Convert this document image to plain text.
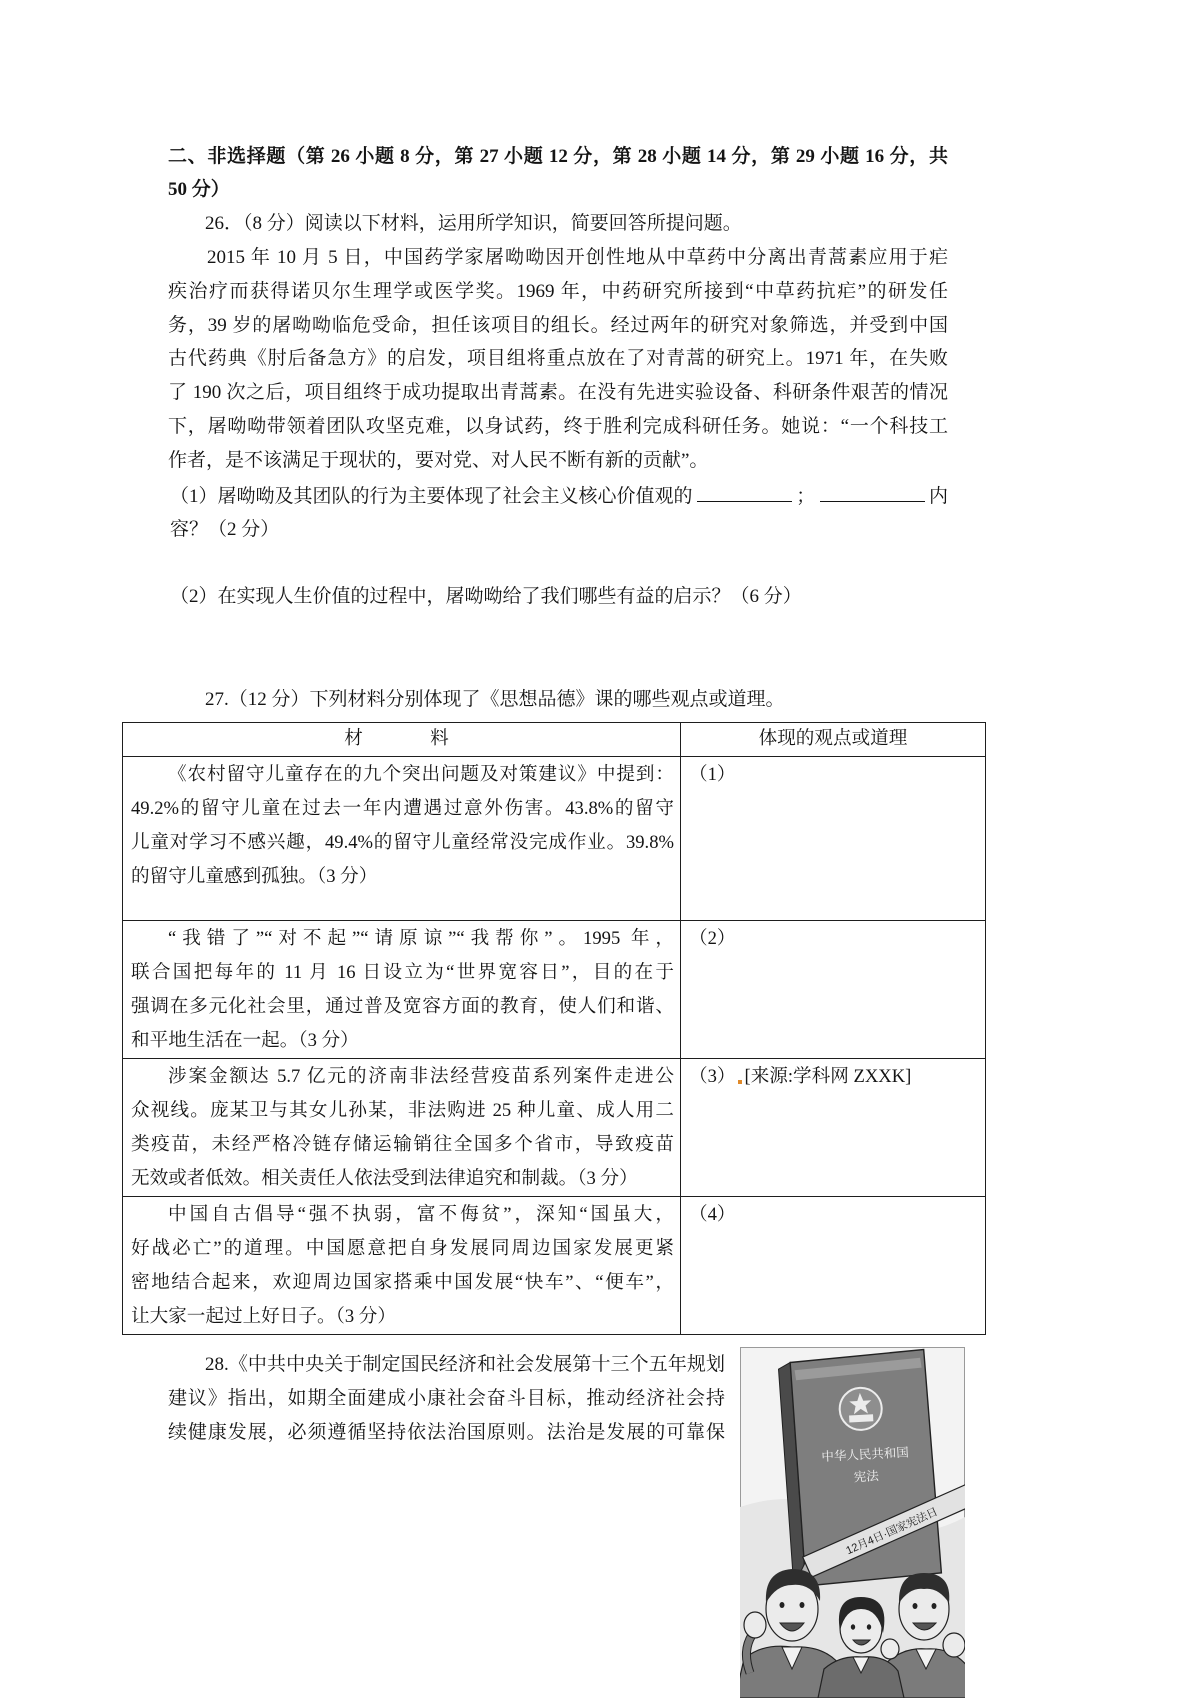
二、非选择题（第 26 小题 8 分，第 27 小题 12 分，第 28 小题 14 分，第 29 小题 16 分，共
50 分）
26．（8 分）阅读以下材料，运用所学知识，简要回答所提问题。
2015 年 10 月 5 日，中国药学家屠呦呦因开创性地从中草药中分离出青蒿素应用于疟
疾治疗而获得诺贝尔生理学或医学奖。1969 年，中药研究所接到“中草药抗疟”的研发任
务，39 岁的屠呦呦临危受命，担任该项目的组长。经过两年的研究对象筛选，并受到中国
古代药典《肘后备急方》的启发，项目组将重点放在了对青蒿的研究上。1971 年，在失败
了 190 次之后，项目组终于成功提取出青蒿素。在没有先进实验设备、科研条件艰苦的情况
下，屠呦呦带领着团队攻坚克难，以身试药，终于胜利完成科研任务。她说：“一个科技工
作者，是不该满足于现状的，要对党、对人民不断有新的贡献”。
（1）屠呦呦及其团队的行为主要体现了社会主义核心价值观的	；	内
容？（2 分）
（2）在实现人生价值的过程中，屠呦呦给了我们哪些有益的启示？（6 分）
27.（12 分）下列材料分别体现了《思想品德》课的哪些观点或道理。
材　　料	体现的观点或道理

《农村留守儿童存在的九个突出问题及对策建议》中提到：
49.2%的留守儿童在过去一年内遭遇过意外伤害。43.8%的留守
儿童对学习不感兴趣，49.4%的留守儿童经常没完成作业。39.8%
的留守儿童感到孤独。（3 分）	（1）

“我错了”“对不起”“请原谅”“我帮你”。1995 年，
联合国把每年的 11 月 16 日设立为“世界宽容日”，目的在于
强调在多元化社会里，通过普及宽容方面的教育，使人们和谐、
和平地生活在一起。（3 分）	（2）

涉案金额达 5.7 亿元的济南非法经营疫苗系列案件走进公
众视线。庞某卫与其女儿孙某，非法购进 25 种儿童、成人用二
类疫苗，未经严格冷链存储运输销往全国多个省市，导致疫苗
无效或者低效。相关责任人依法受到法律追究和制裁。（3 分）	（3） [来源:学科网 ZXXK]

中国自古倡导“强不执弱，富不侮贫”，深知“国虽大，
好战必亡”的道理。中国愿意把自身发展同周边国家发展更紧
密地结合起来，欢迎周边国家搭乘中国发展“快车”、“便车”，
让大家一起过上好日子。（3 分）	（4）
28.《中共中央关于制定国民经济和社会发展第十三个五年规划
建议》指出，如期全面建成小康社会奋斗目标，推动经济社会持
续健康发展，必须遵循坚持依法治国原则。法治是发展的可靠保
中华人民共和国
宪法
12月4日·国家宪法日
